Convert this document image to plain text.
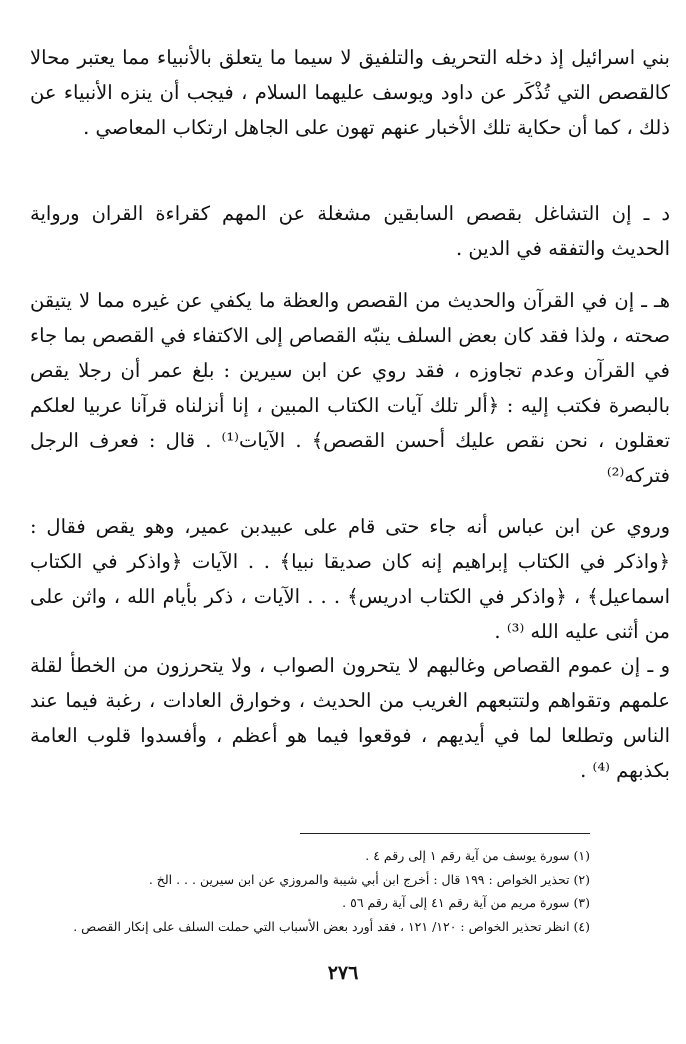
بني اسرائيل إذ دخله التحريف والتلفيق لا سيما ما يتعلق بالأنبياء مما يعتبر محالا كالقصص التي تُذْكَر عن داود ويوسف عليهما السلام ، فيجب أن ينزه الأنبياء عن ذلك ، كما أن حكاية تلك الأخبار عنهم تهون على الجاهل ارتكاب المعاصي .

د ـ إن التشاغل بقصص السابقين مشغلة عن المهم كقراءة القران ورواية الحديث والتفقه في الدين .

هـ ـ إن في القرآن والحديث من القصص والعظة ما يكفي عن غيره مما لا يتيقن صحته ، ولذا فقد كان بعض السلف ينبّه القصاص إلى الاكتفاء في القصص بما جاء في القرآن وعدم تجاوزه ، فقد روي عن ابن سيرين : بلغ عمر أن رجلا يقص بالبصرة فكتب إليه : ﴿ألر تلك آيات الكتاب المبين ، إنا أنزلناه قرآنا عربيا لعلكم تعقلون ، نحن نقص عليك أحسن القصص﴾ . الآيات⁽¹⁾ . قال : فعرف الرجل فتركه⁽²⁾

وروي عن ابن عباس أنه جاء حتى قام على عبيدبن عمير، وهو يقص فقال : ﴿واذكر في الكتاب إبراهيم إنه كان صديقا نبيا﴾ . . الآيات ﴿واذكر في الكتاب اسماعيل﴾ ، ﴿واذكر في الكتاب ادريس﴾ . . . الآيات ، ذكر بأيام الله ، واثن على من أثنى عليه الله ⁽³⁾ .

و ـ إن عموم القصاص وغالبهم لا يتحرون الصواب ، ولا يتحرزون من الخطأ لقلة علمهم وتقواهم ولتتبعهم الغريب من الحديث ، وخوارق العادات ، رغبة فيما عند الناس وتطلعا لما في أيديهم ، فوقعوا فيما هو أعظم ، وأفسدوا قلوب العامة بكذبهم ⁽⁴⁾ .

(١) سورة يوسف من آية رقم ١ إلى رقم ٤ .

(٢) تحذير الخواص : ١٩٩ قال : أخرج ابن أبي شيبة والمروزي عن ابن سيرين . . . الخ .

(٣) سورة مريم من آية رقم ٤١ إلى آية رقم ٥٦ .

(٤) انظر تحذير الخواص : ١٢٠/ ١٢١ ، فقد أورد بعض الأسباب التي حملت السلف على إنكار القصص .

٢٧٦
